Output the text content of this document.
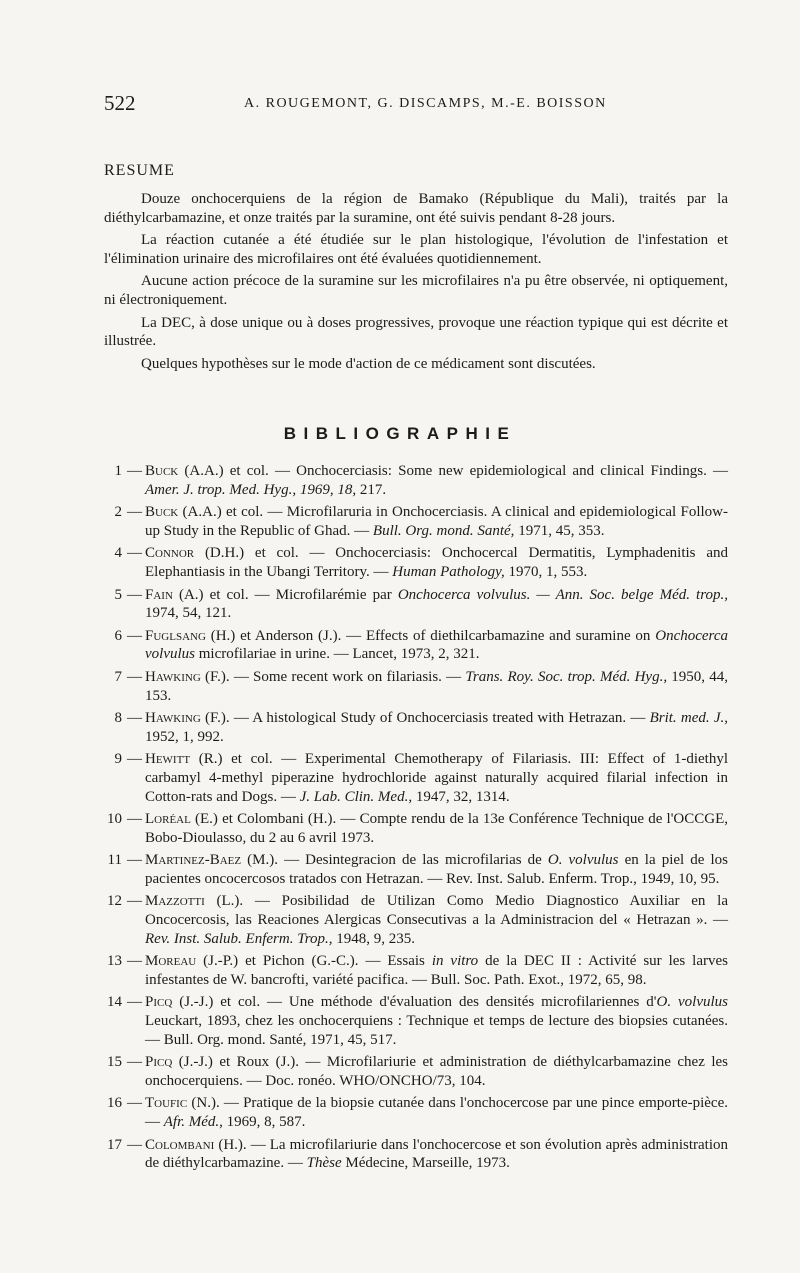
522	A. ROUGEMONT, G. DISCAMPS, M.-E. BOISSON
RESUME

Douze onchocerquiens de la région de Bamako (République du Mali), traités par la diéthylcarbamazine, et onze traités par la suramine, ont été suivis pendant 8-28 jours.

La réaction cutanée a été étudiée sur le plan histologique, l'évolution de l'infestation et l'élimination urinaire des microfilaires ont été évaluées quotidiennement.

Aucune action précoce de la suramine sur les microfilaires n'a pu être observée, ni optiquement, ni électroniquement.

La DEC, à dose unique ou à doses progressives, provoque une réaction typique qui est décrite et illustrée.

Quelques hypothèses sur le mode d'action de ce médicament sont discutées.

BIBLIOGRAPHIE
1 — Buck (A.A.) et col. — Onchocerciasis: Some new epidemiological and clinical Findings. — Amer. J. trop. Med. Hyg., 1969, 18, 217.
2 — Buck (A.A.) et col. — Microfilaruria in Onchocerciasis. A clinical and epidemiological Follow-up Study in the Republic of Ghad. — Bull. Org. mond. Santé, 1971, 45, 353.
4 — Connor (D.H.) et col. — Onchocerciasis: Onchocercal Dermatitis, Lymphadenitis and Elephantiasis in the Ubangi Territory. — Human Pathology, 1970, 1, 553.
5 — Fain (A.) et col. — Microfilarémie par Onchocerca volvulus. — Ann. Soc. belge Méd. trop., 1974, 54, 121.
6 — Fuglsang (H.) et Anderson (J.). — Effects of diethilcarbamazine and suramine on Onchocerca volvulus microfilariae in urine. — Lancet, 1973, 2, 321.
7 — Hawking (F.). — Some recent work on filariasis. — Trans. Roy. Soc. trop. Méd. Hyg., 1950, 44, 153.
8 — Hawking (F.). — A histological Study of Onchocerciasis treated with Hetrazan. — Brit. med. J., 1952, 1, 992.
9 — Hewitt (R.) et col. — Experimental Chemotherapy of Filariasis. III: Effect of 1-diethyl carbamyl 4-methyl piperazine hydrochloride against naturally acquired filarial infection in Cotton-rats and Dogs. — J. Lab. Clin. Med., 1947, 32, 1314.
10 — Loréal (E.) et Colombani (H.). — Compte rendu de la 13e Conférence Technique de l'OCCGE, Bobo-Dioulasso, du 2 au 6 avril 1973.
11 — Martinez-Baez (M.). — Desintegracion de las microfilarias de O. volvulus en la piel de los pacientes oncocercosos tratados con Hetrazan. — Rev. Inst. Salub. Enferm. Trop., 1949, 10, 95.
12 — Mazzotti (L.). — Posibilidad de Utilizan Como Medio Diagnostico Auxiliar en la Oncocercosis, las Reaciones Alergicas Consecutivas a la Administracion del « Hetrazan ». — Rev. Inst. Salub. Enferm. Trop., 1948, 9, 235.
13 — Moreau (J.-P.) et Pichon (G.-C.). — Essais in vitro de la DEC II : Activité sur les larves infestantes de W. bancrofti, variété pacifica. — Bull. Soc. Path. Exot., 1972, 65, 98.
14 — Picq (J.-J.) et col. — Une méthode d'évaluation des densités microfilariennes d'O. volvulus Leuckart, 1893, chez les onchocerquiens : Technique et temps de lecture des biopsies cutanées. — Bull. Org. mond. Santé, 1971, 45, 517.
15 — Picq (J.-J.) et Roux (J.). — Microfilariurie et administration de diéthylcarbamazine chez les onchocerquiens. — Doc. ronéo. WHO/ONCHO/73, 104.
16 — Toufic (N.). — Pratique de la biopsie cutanée dans l'onchocercose par une pince emporte-pièce. — Afr. Méd., 1969, 8, 587.
17 — Colombani (H.). — La microfilariurie dans l'onchocercose et son évolution après administration de diéthylcarbamazine. — Thèse Médecine, Marseille, 1973.
